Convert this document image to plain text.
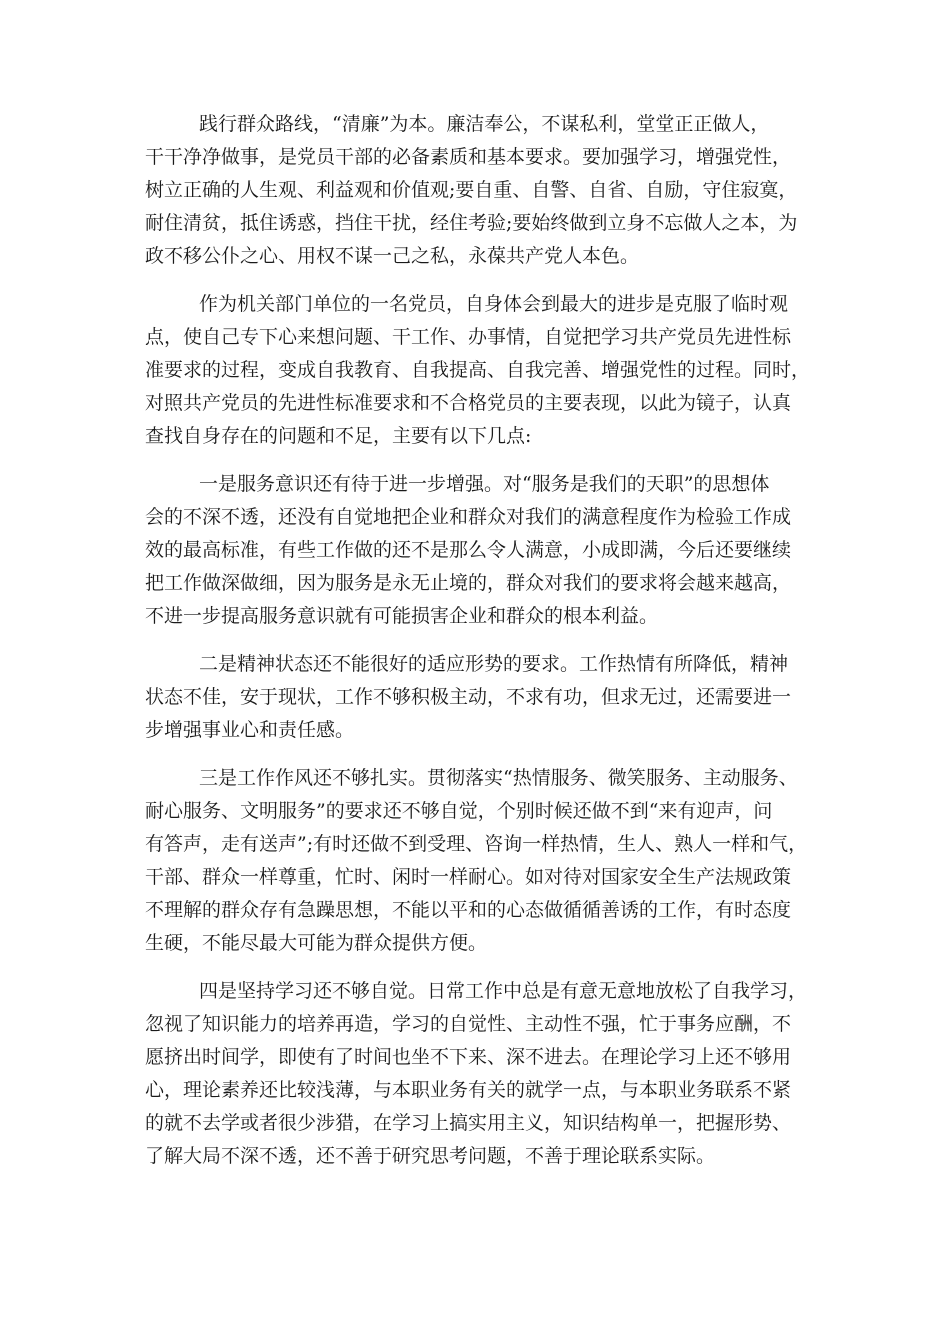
践行群众路线，“清廉”为本。廉洁奉公，不谋私利，堂堂正正做人，
干干净净做事，是党员干部的必备素质和基本要求。要加强学习，增强党性，
树立正确的人生观、利益观和价值观;要自重、自警、自省、自励，守住寂寞，
耐住清贫，抵住诱惑，挡住干扰，经住考验;要始终做到立身不忘做人之本，为
政不移公仆之心、用权不谋一己之私，永葆共产党人本色。

作为机关部门单位的一名党员，自身体会到最大的进步是克服了临时观
点，使自己专下心来想问题、干工作、办事情，自觉把学习共产党员先进性标
准要求的过程，变成自我教育、自我提高、自我完善、增强党性的过程。同时，
对照共产党员的先进性标准要求和不合格党员的主要表现，以此为镜子，认真
查找自身存在的问题和不足，主要有以下几点:

一是服务意识还有待于进一步增强。对“服务是我们的天职”的思想体
会的不深不透，还没有自觉地把企业和群众对我们的满意程度作为检验工作成
效的最高标准，有些工作做的还不是那么令人满意，小成即满，今后还要继续
把工作做深做细，因为服务是永无止境的，群众对我们的要求将会越来越高，
不进一步提高服务意识就有可能损害企业和群众的根本利益。

二是精神状态还不能很好的适应形势的要求。工作热情有所降低，精神
状态不佳，安于现状，工作不够积极主动，不求有功，但求无过，还需要进一
步增强事业心和责任感。

三是工作作风还不够扎实。贯彻落实“热情服务、微笑服务、主动服务、
耐心服务、文明服务”的要求还不够自觉，个别时候还做不到“来有迎声，问
有答声，走有送声”;有时还做不到受理、咨询一样热情，生人、熟人一样和气，
干部、群众一样尊重，忙时、闲时一样耐心。如对待对国家安全生产法规政策
不理解的群众存有急躁思想，不能以平和的心态做循循善诱的工作，有时态度
生硬，不能尽最大可能为群众提供方便。

四是坚持学习还不够自觉。日常工作中总是有意无意地放松了自我学习，
忽视了知识能力的培养再造，学习的自觉性、主动性不强，忙于事务应酬，不
愿挤出时间学，即使有了时间也坐不下来、深不进去。在理论学习上还不够用
心，理论素养还比较浅薄，与本职业务有关的就学一点，与本职业务联系不紧
的就不去学或者很少涉猎，在学习上搞实用主义，知识结构单一，把握形势、
了解大局不深不透，还不善于研究思考问题，不善于理论联系实际。
